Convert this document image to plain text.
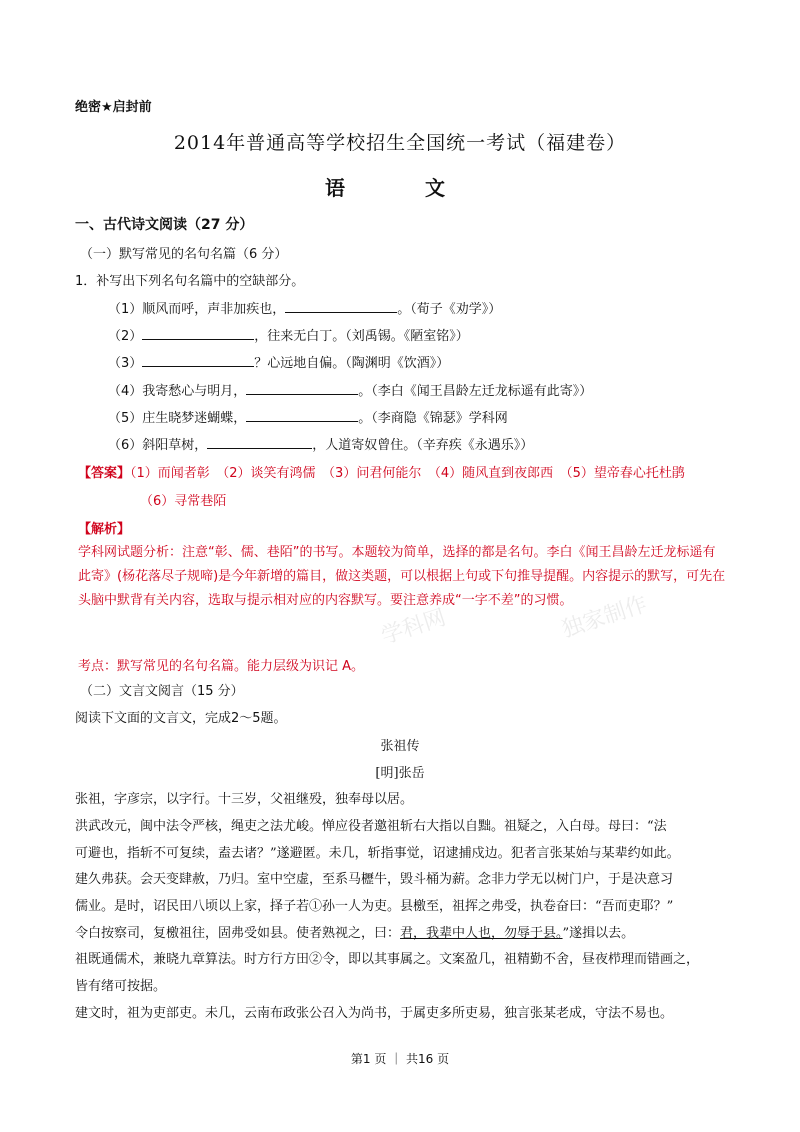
独家制作
学科网
绝密★启封前
2014年普通高等学校招生全国统一考试（福建卷）
语　文
一、古代诗文阅读（27 分）
（一）默写常见的名句名篇（6 分）
1．补写出下列名句名篇中的空缺部分。
（1）顺风而呼，声非加疾也，	。（荀子《劝学》）
（2）	，往来无白丁。（刘禹锡。《陋室铭》）
（3）	？心远地自偏。（陶渊明《饮酒》）
（4）我寄愁心与明月，	。（李白《闻王昌龄左迁龙标遥有此寄》）
（5）庄生晓梦迷蝴蝶，	。（李商隐《锦瑟》学科网
（6）斜阳草树，	，人道寄奴曾住。（辛弃疾《永遇乐》）
【答案】（1）而闻者彰　（2）谈笑有鸿儒　（3）问君何能尔　（4）随风直到夜郎西　（5）望帝春心托杜鹃
（6）寻常巷陌
【解析】
学科网试题分析：注意“彰、儒、巷陌”的书写。本题较为简单，选择的都是名句。李白《闻王昌龄左迁龙标遥有此寄》(杨花落尽子规啼)是今年新增的篇目，做这类题，可以根据上句或下句推导提醒。内容提示的默写，可先在头脑中默背有关内容，选取与提示相对应的内容默写。要注意养成“一字不差”的习惯。
考点：默写常见的名句名篇。能力层级为识记 A。
（二）文言文阅言（15 分）
阅读下文面的文言文，完成2～5题。
张祖传
[明]张岳
张祖，字彦宗，以字行。十三岁，父祖继殁，独奉母以居。
洪武改元，闽中法令严核，绳吏之法尤峻。惮应役者邀祖斩右大指以自黜。祖疑之，入白母。母曰：“法
可避也，指斩不可复续，盍去诸？”遂避匿。未几，斩指事觉，诏逮捕戍边。犯者言张某始与某辈约如此。
建久弗获。会天变肆赦，乃归。室中空虚，至系马櫪牛，毁斗桶为薪。念非力学无以树门户，于是决意习
儒业。是时，诏民田八顷以上家，择子若①孙一人为吏。县檄至，祖挥之弗受，执卷奋曰：“吾而吏耶？”
令白按察司，复檄祖往，固弗受如县。使者熟视之，曰：君，我辈中人也，勿辱于县。”遂揖以去。
祖既通儒术，兼晓九章算法。时方行方田②令，即以其事属之。文案盈几，祖精勤不舍，昼夜栉理而错画之，
皆有绪可按据。
建文时，祖为吏部吏。未几，云南布政张公召入为尚书，于属吏多所吏易，独言张某老成，守法不易也。
第1 页 ｜ 共16 页
